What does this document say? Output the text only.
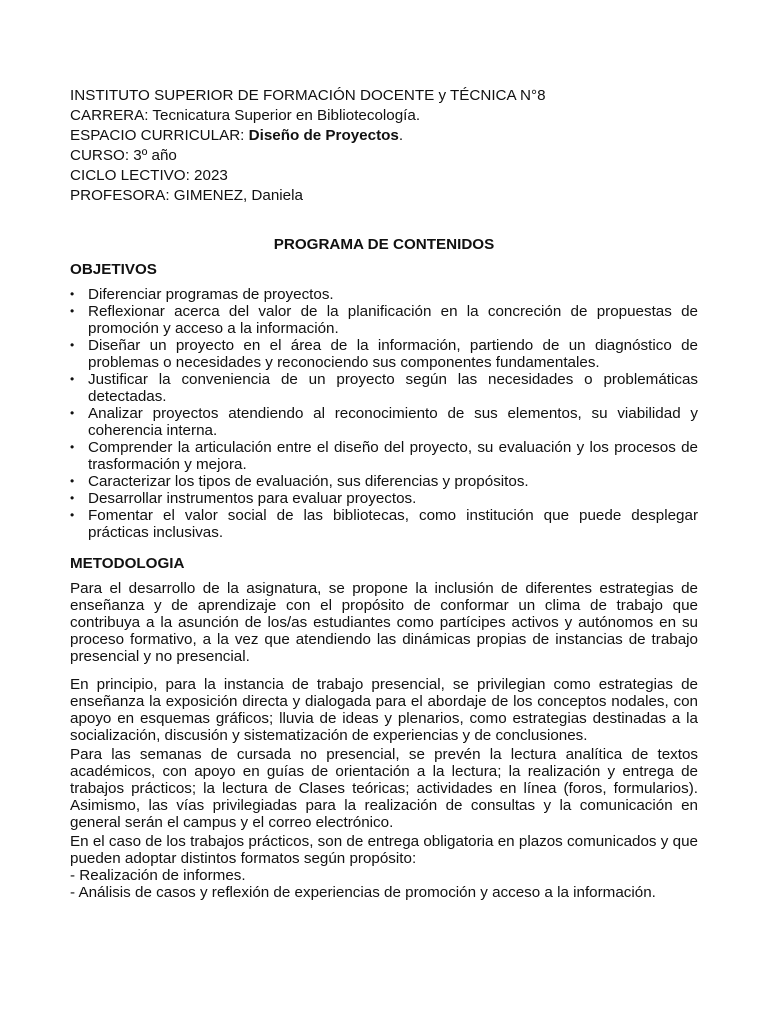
INSTITUTO SUPERIOR DE FORMACIÓN DOCENTE y TÉCNICA N°8
CARRERA: Tecnicatura Superior en Bibliotecología.
ESPACIO CURRICULAR: Diseño de Proyectos.
CURSO: 3º año
CICLO LECTIVO: 2023
PROFESORA: GIMENEZ, Daniela
PROGRAMA DE CONTENIDOS
OBJETIVOS
• Diferenciar programas de proyectos.
• Reflexionar acerca del valor de la planificación en la concreción de propuestas de promoción y acceso a la información.
• Diseñar un proyecto en el área de la información, partiendo de un diagnóstico de problemas o necesidades y reconociendo sus componentes fundamentales.
• Justificar la conveniencia de un proyecto según las necesidades o problemáticas detectadas.
• Analizar proyectos atendiendo al reconocimiento de sus elementos, su viabilidad y coherencia interna.
• Comprender la articulación entre el diseño del proyecto, su evaluación y los procesos de trasformación y mejora.
• Caracterizar los tipos de evaluación, sus diferencias y propósitos.
• Desarrollar instrumentos para evaluar proyectos.
• Fomentar el valor social de las bibliotecas, como institución que puede desplegar prácticas inclusivas.
METODOLOGIA

Para el desarrollo de la asignatura, se propone la inclusión de diferentes estrategias de enseñanza y de aprendizaje con el propósito de conformar un clima de trabajo que contribuya a la asunción de los/as estudiantes como partícipes activos y autónomos en su proceso formativo, a la vez que atendiendo las dinámicas propias de instancias de trabajo presencial y no presencial.

En principio, para la instancia de trabajo presencial, se privilegian como estrategias de enseñanza la exposición directa y dialogada para el abordaje de los conceptos nodales, con apoyo en esquemas gráficos; lluvia de ideas y plenarios, como estrategias destinadas a la socialización, discusión y sistematización de experiencias y de conclusiones.

Para las semanas de cursada no presencial, se prevén la lectura analítica de textos académicos, con apoyo en guías de orientación a la lectura; la realización y entrega de trabajos prácticos; la lectura de Clases teóricas; actividades en línea (foros, formularios). Asimismo, las vías privilegiadas para la realización de consultas y la comunicación en general serán el campus y el correo electrónico.

En el caso de los trabajos prácticos, son de entrega obligatoria en plazos comunicados y que pueden adoptar distintos formatos según propósito:

- Realización de informes.

- Análisis de casos y reflexión de experiencias de promoción y acceso a la información.
